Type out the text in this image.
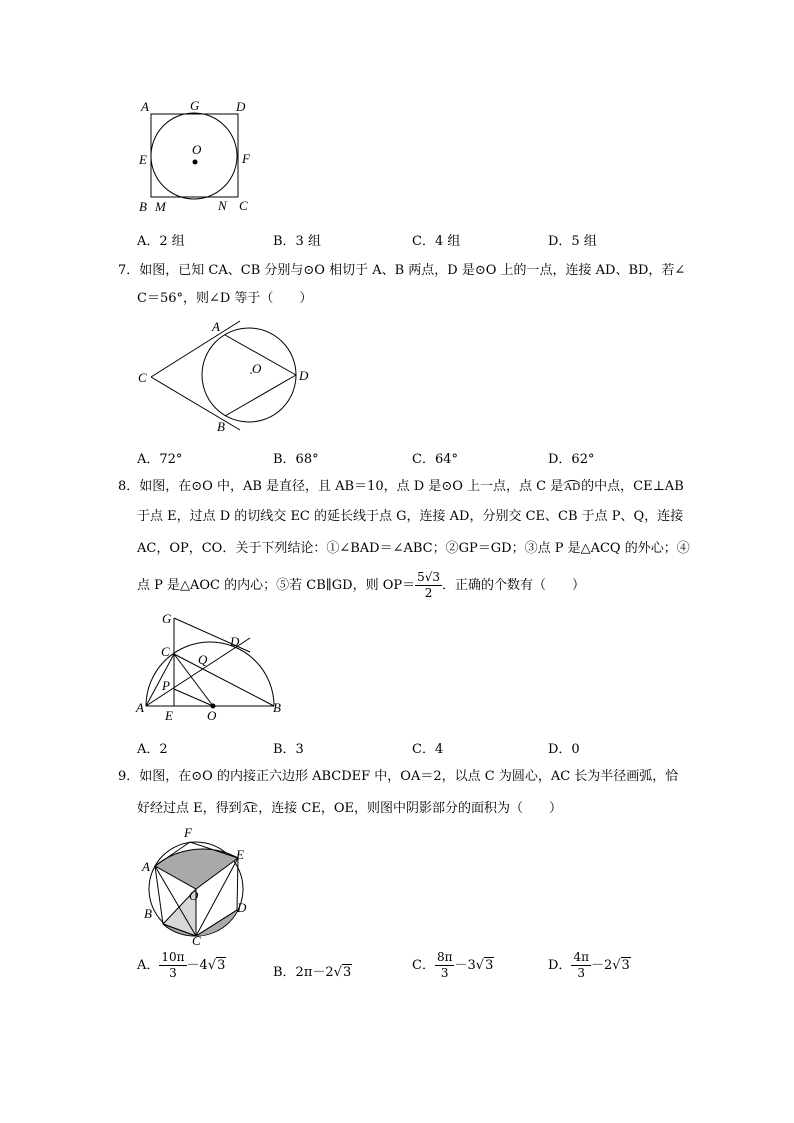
A	G	D
O
E	F
B M	N C
A．2 组	B．3 组	C．4 组	D．5 组
7．如图，已知 CA、CB 分别与⊙O 相切于 A、B 两点，D 是⊙O 上的一点，连接 AD、BD，若∠
C＝56°，则∠D 等于（　　）
A
C
O	D
B
A．72°	B．68°	C．64°	D．62°
8．如图，在⊙O 中，AB 是直径，且 AB＝10，点 D 是⊙O 上一点，点 C 是AD的中点，CE⊥AB
于点 E，过点 D 的切线交 EC 的延长线于点 G，连接 AD，分别交 CE、CB 于点 P、Q，连接
AC，OP，CO．关于下列结论：①∠BAD＝∠ABC；②GP＝GD；③点 P 是△ACQ 的外心；④
点 P 是△AOC 的内心；⑤若 CB∥GD，则 $OP= \frac{5√3}{2}$ ．正确的个数有（　　）
G
D
C
Q
P
A
E	O
B
A．2	B．3	C．4	D．0
9．如图，在⊙O 的内接正六边形 ABCDEF 中，OA＝2，以点 C 为圆心，AC 长为半径画弧，恰
好经过点 E，得到AE，连接 CE，OE，则图中阴影部分的面积为（　　）
F
A
E
O
B	D
C
A． $\frac{10\pi}{3} -4√3$	B．2π－2√3	C． $\frac{8\pi}{3} -3√3$	D． $\frac{4\pi}{3} -2√3$
